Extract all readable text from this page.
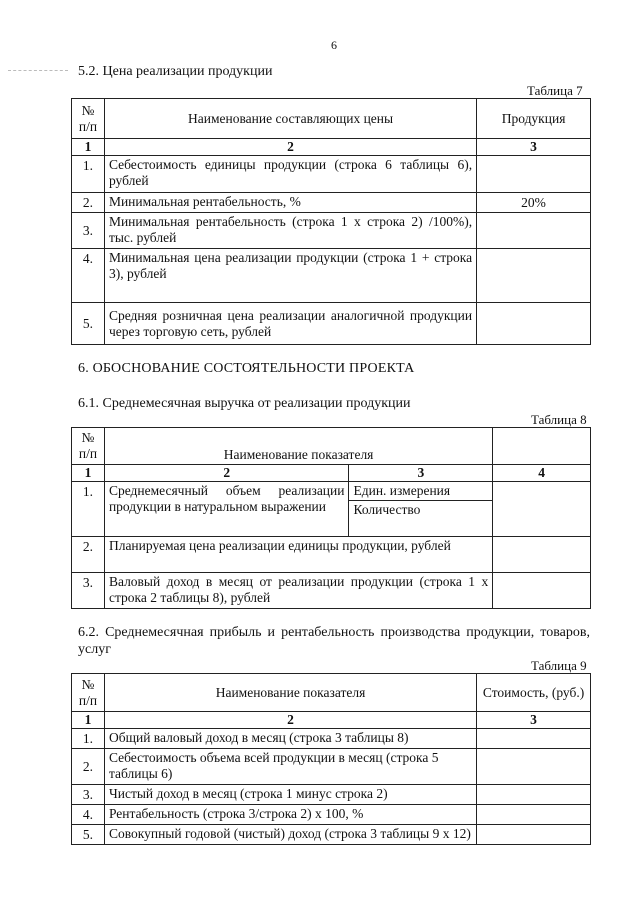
6
5.2. Цена реализации продукции
Таблица 7
№ п/п	Наименование составляющих цены	Продукция
1	2	3
1.	Себестоимость единицы продукции (строка 6 таблицы 6), рублей	
2.	Минимальная рентабельность, %	20%
3.	Минимальная рентабельность (строка 1 х строка 2) /100%), тыс. рублей	
4.	Минимальная цена реализации продукции (строка 1 + строка 3), рублей	
5.	Средняя розничная цена реализации аналогичной продукции через торговую сеть, рублей	
6. ОБОСНОВАНИЕ СОСТОЯТЕЛЬНОСТИ ПРОЕКТА
6.1. Среднемесячная выручка от реализации продукции
Таблица 8
№ п/п	Наименование показателя		
1	2	3	4
1.	Среднемесячный объем реализации продукции в натуральном выражении	Един. измерения	
		Количество	
2.	Планируемая цена реализации единицы продукции, рублей		
3.	Валовый доход в месяц от реализации продукции (строка 1 х строка 2 таблицы 8), рублей		
6.2. Среднемесячная прибыль и рентабельность производства продукции, товаров, услуг
Таблица 9
№ п/п	Наименование показателя	Стоимость, (руб.)
1	2	3
1.	Общий валовый доход в месяц (строка 3 таблицы 8)	
2.	Себестоимость объема всей продукции в месяц (строка 5 таблицы 6)	
3.	Чистый доход в месяц (строка 1 минус строка 2)	
4.	Рентабельность (строка 3/строка 2) х 100, %	
5.	Совокупный годовой (чистый) доход (строка 3 таблицы 9 х 12)	
